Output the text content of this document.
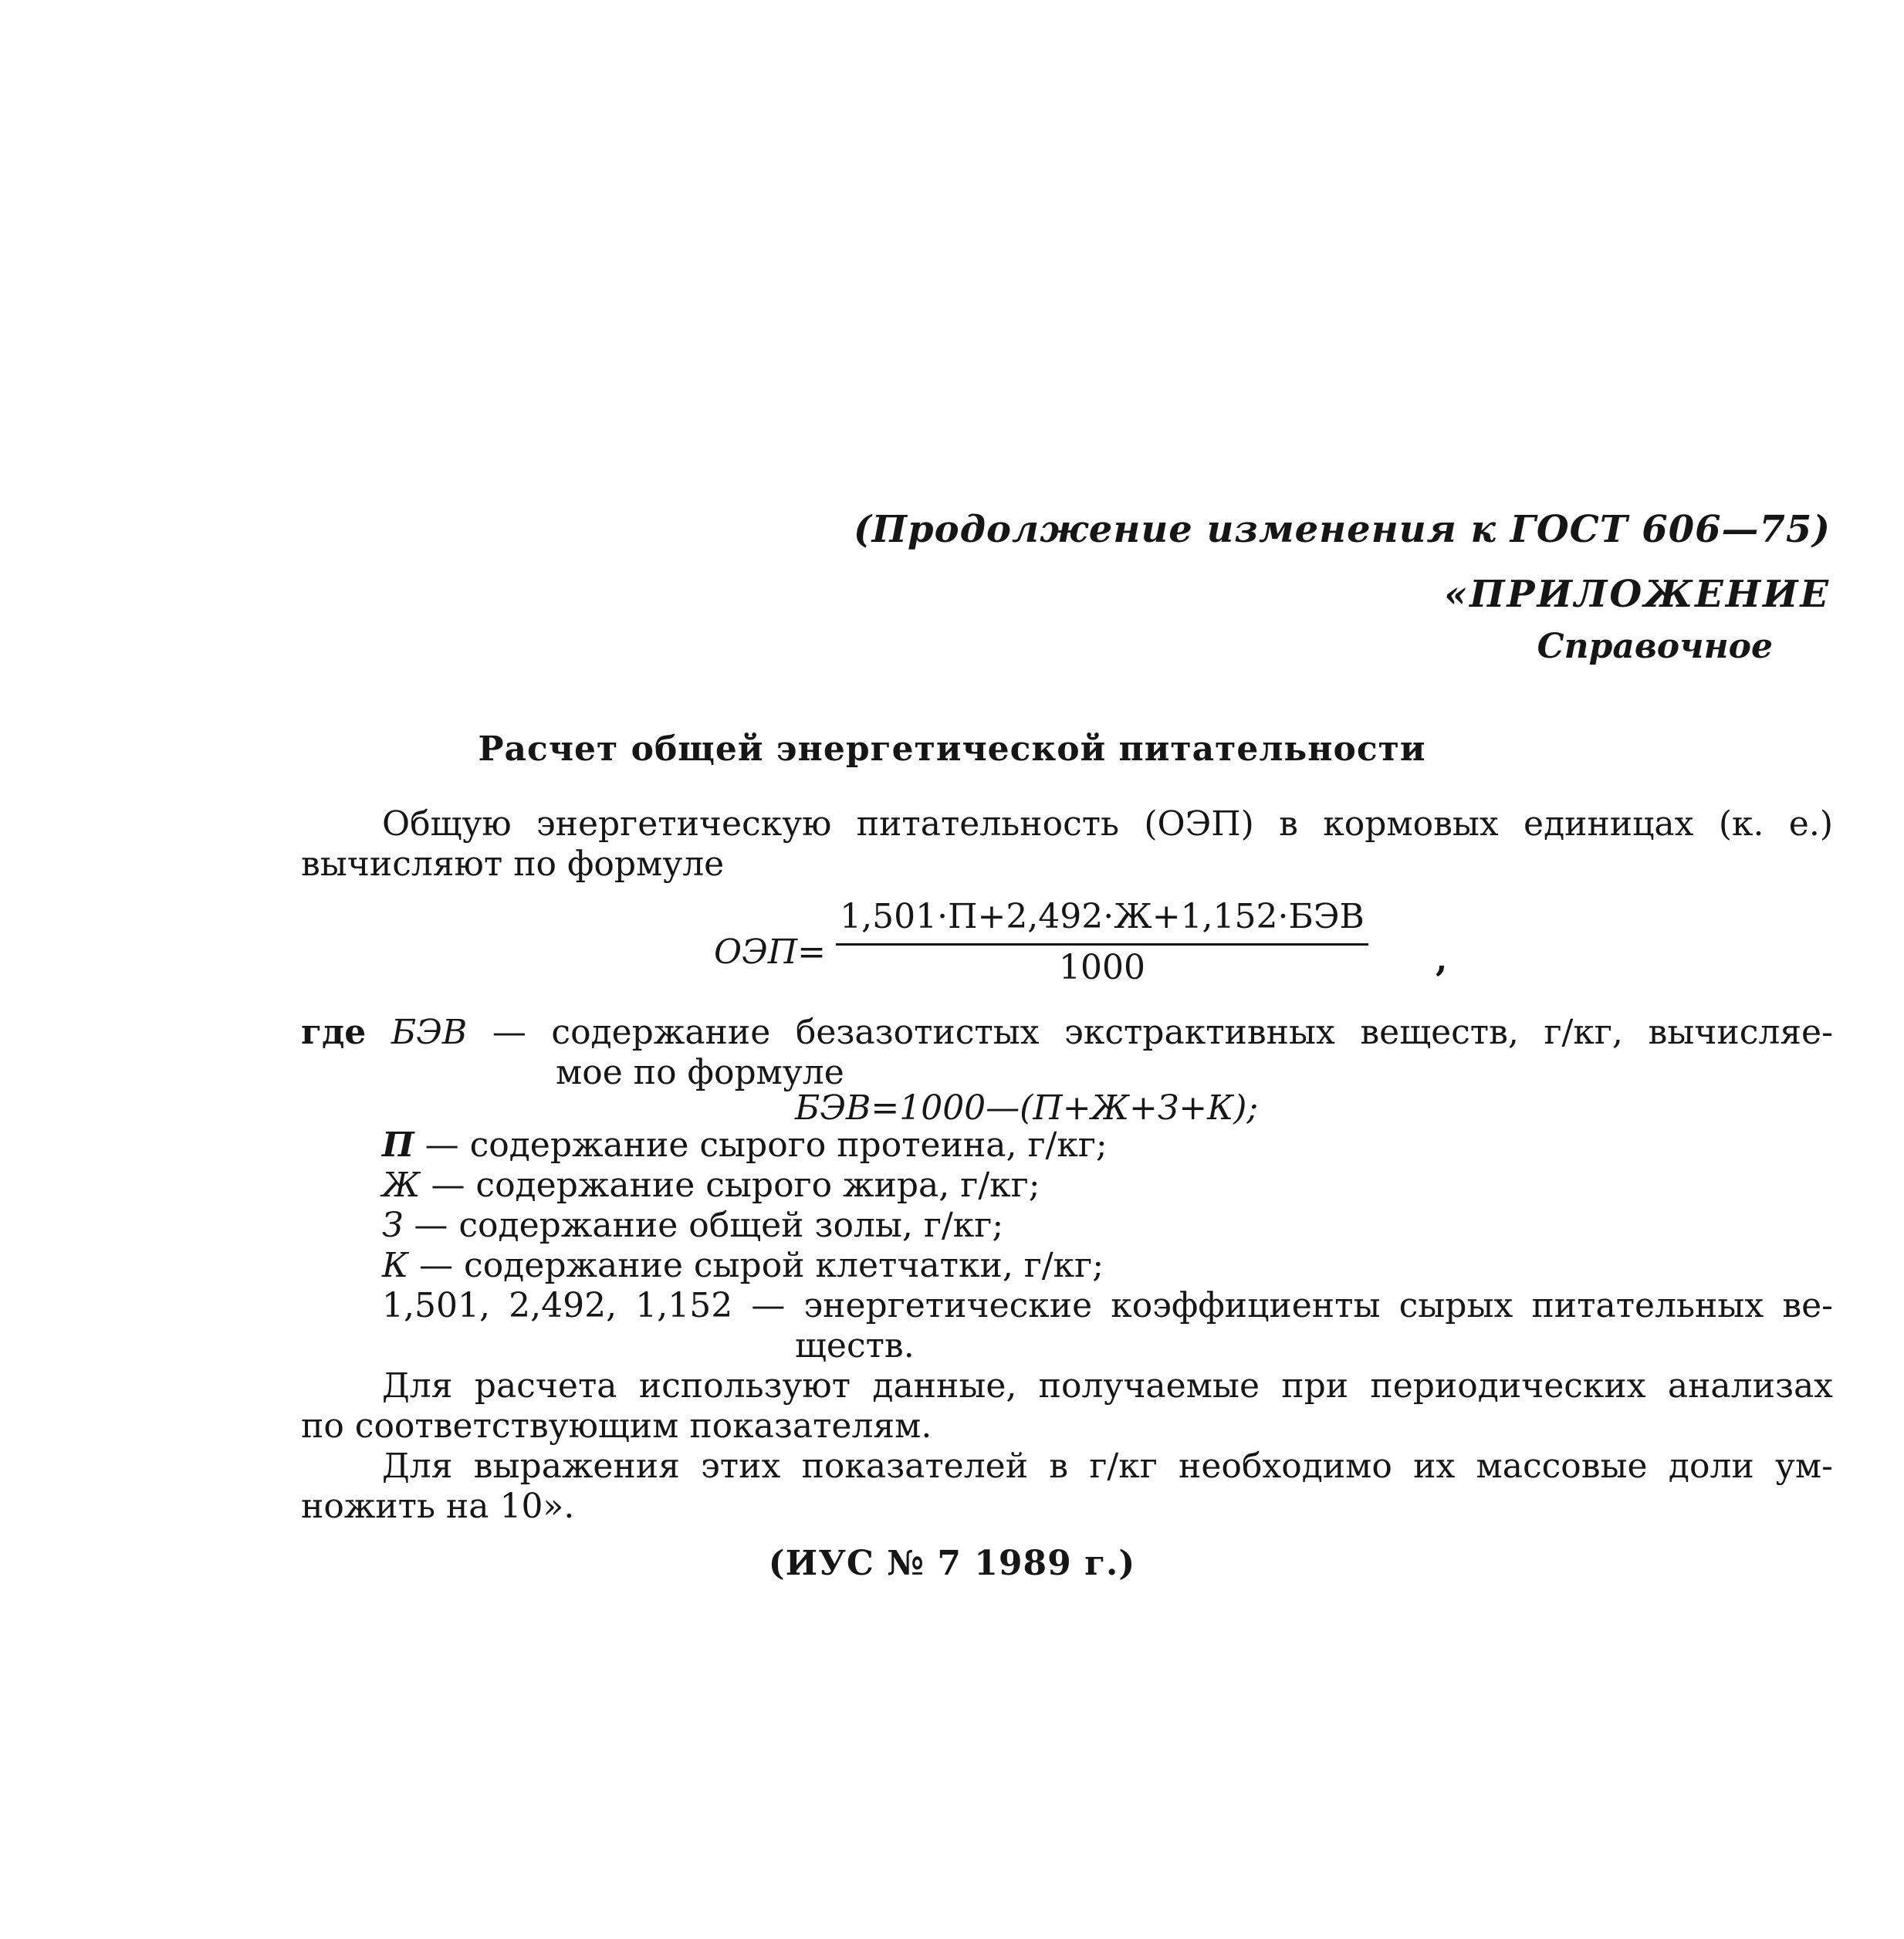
(Продолжение изменения к ГОСТ 606—75)
«ПРИЛОЖЕНИЕ
Справочное
Расчет общей энергетической питательности
Общую энергетическую питательность (ОЭП) в кормовых единицах (к. е.)
вычисляют по формуле
ОЭП=
1,501·П+2,492·Ж+1,152·БЭВ
1000	,
где БЭВ — содержание безазотистых экстрактивных веществ, г/кг, вычисляе-
мое по формуле
БЭВ=1000—(П+Ж+З+К);
П — содержание сырого протеина, г/кг;
Ж — содержание сырого жира, г/кг;
З — содержание общей золы, г/кг;
К — содержание сырой клетчатки, г/кг;
1,501, 2,492, 1,152 — энергетические коэффициенты сырых питательных ве-
ществ.
Для расчета используют данные, получаемые при периодических анализах
по соответствующим показателям.
Для выражения этих показателей в г/кг необходимо их массовые доли ум-
ножить на 10».
(ИУС № 7 1989 г.)
